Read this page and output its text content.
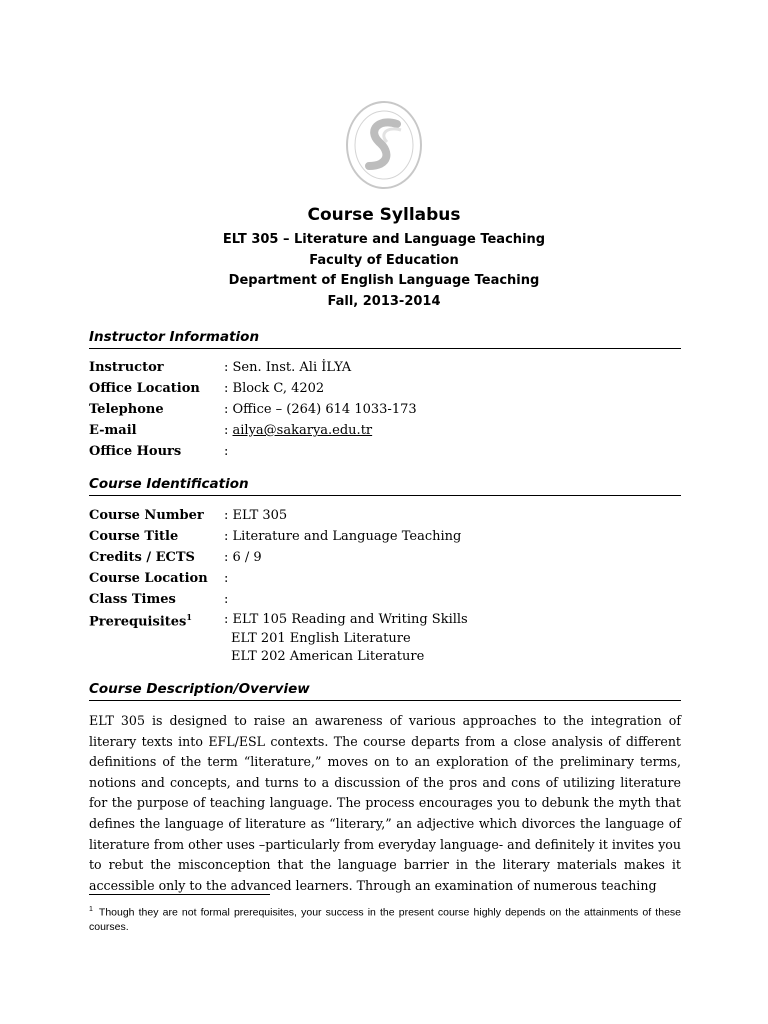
Course Syllabus
ELT 305 – Literature and Language Teaching
Faculty of Education
Department of English Language Teaching
Fall, 2013-2014
Instructor Information
Instructor	: Sen. Inst. Ali İLYA
Office Location	: Block C, 4202
Telephone	: Office – (264) 614 1033-173
E-mail	: ailya@sakarya.edu.tr
Office Hours	:
Course Identification
Course Number	: ELT 305
Course Title	: Literature and Language Teaching
Credits / ECTS	: 6 / 9
Course Location	:
Class Times	:
Prerequisites$^1$	: ELT 105 Reading and Writing Skills
ELT 201 English Literature
ELT 202 American Literature
Course Description/Overview
ELT 305 is designed to raise an awareness of various approaches to the integration of literary texts into EFL/ESL contexts. The course departs from a close analysis of different definitions of the term “literature,” moves on to an exploration of the preliminary terms, notions and concepts, and turns to a discussion of the pros and cons of utilizing literature for the purpose of teaching language. The process encourages you to debunk the myth that defines the language of literature as “literary,” an adjective which divorces the language of literature from other uses –particularly from everyday language- and definitely it invites you to rebut the misconception that the language barrier in the literary materials makes it accessible only to the advanced learners. Through an examination of numerous teaching
$^1$ Though they are not formal prerequisites, your success in the present course highly depends on the attainments of these courses.
